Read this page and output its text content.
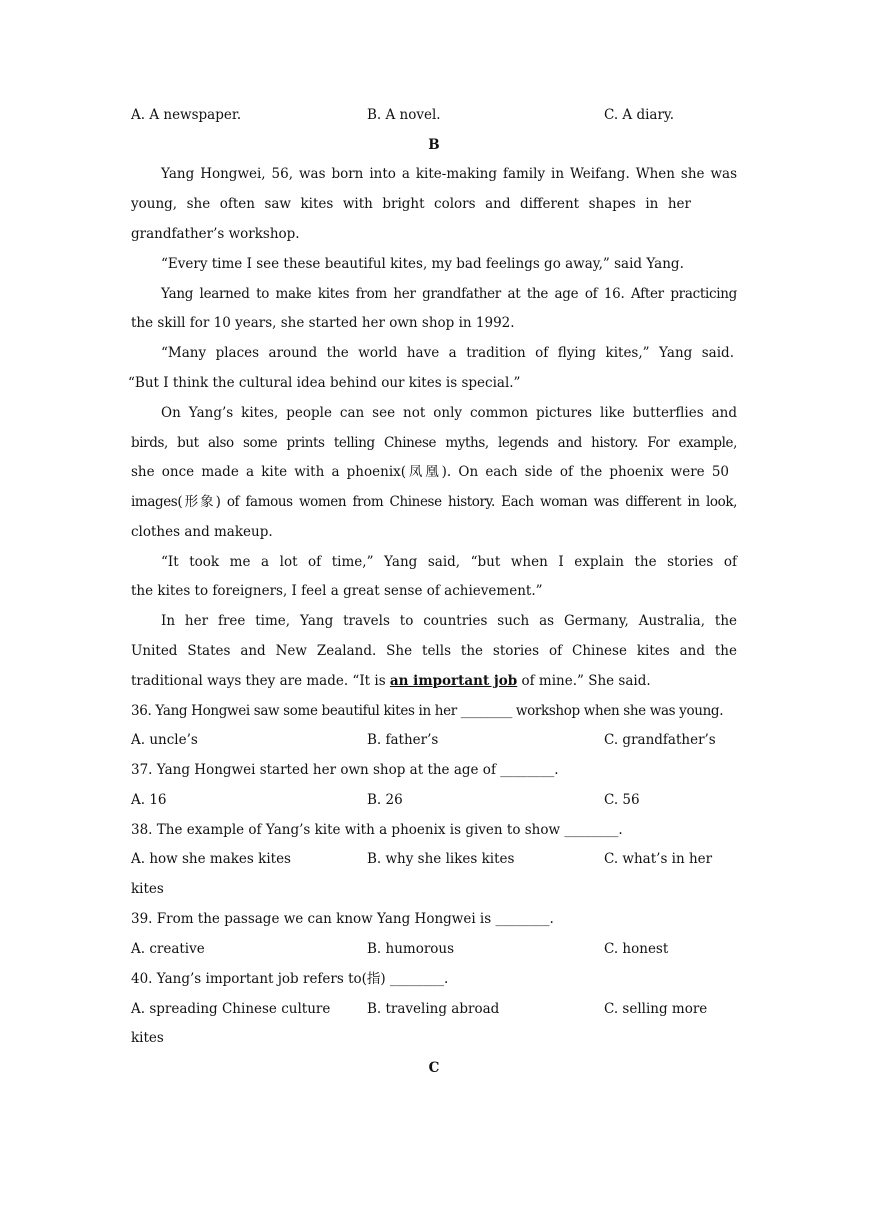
A. A newspaper.	B. A novel.	C. A diary.
B
Yang Hongwei, 56, was born into a kite-making family in Weifang. When she was
young, she often saw kites with bright colors and different shapes in her
grandfather’s workshop.
“Every time I see these beautiful kites, my bad feelings go away,” said Yang.
Yang learned to make kites from her grandfather at the age of 16. After practicing
the skill for 10 years, she started her own shop in 1992.
“Many places around the world have a tradition of flying kites,” Yang said.
“But I think the cultural idea behind our kites is special.”
On Yang’s kites, people can see not only common pictures like butterflies and
birds, but also some prints telling Chinese myths, legends and history. For example,
she once made a kite with a phoenix(凤凰). On each side of the phoenix were 50
images(形象) of famous women from Chinese history. Each woman was different in look,
clothes and makeup.
“It took me a lot of time,” Yang said, “but when I explain the stories of
the kites to foreigners, I feel a great sense of achievement.”
In her free time, Yang travels to countries such as Germany, Australia, the
United States and New Zealand. She tells the stories of Chinese kites and the
traditional ways they are made. “It is an important job of mine.” She said.
36. Yang Hongwei saw some beautiful kites in her ________ workshop when she was young.
A. uncle’s	B. father’s	C. grandfather’s
37. Yang Hongwei started her own shop at the age of ________.
A. 16	B. 26	C. 56
38. The example of Yang’s kite with a phoenix is given to show ________.
A. how she makes kites	B. why she likes kites	C. what’s in her
kites
39. From the passage we can know Yang Hongwei is ________.
A. creative	B. humorous	C. honest
40. Yang’s important job refers to(指) ________.
A. spreading Chinese culture	B. traveling abroad	C. selling more
kites
C
